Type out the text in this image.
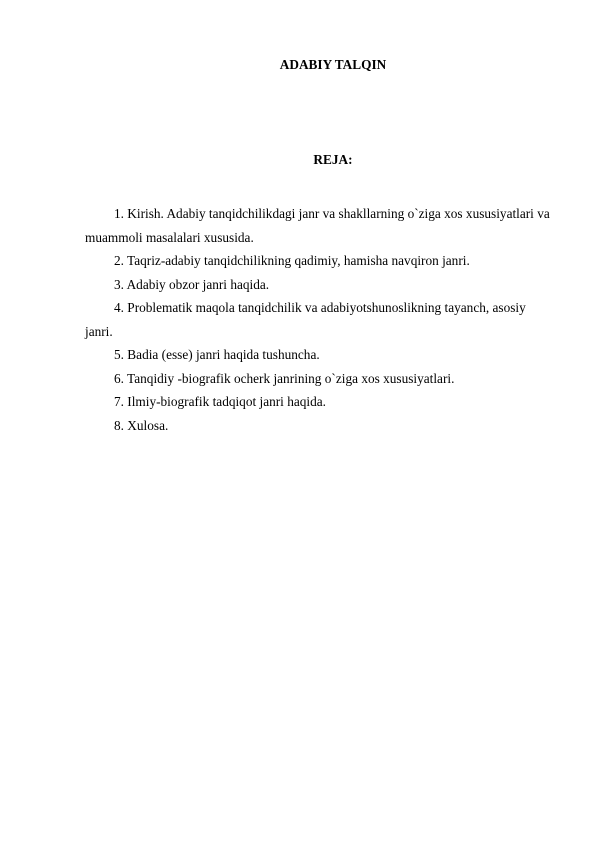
ADABIY TALQIN
REJA:
1. Kirish. Adabiy tanqidchilikdagi janr va shakllarning o`ziga xos xususiyatlari va muammoli masalalari xususida.
2. Taqriz-adabiy tanqidchilikning qadimiy, hamisha navqiron janri.
3. Adabiy obzor janri haqida.
4. Problematik maqola tanqidchilik va adabiyotshunoslikning tayanch, asosiy janri.
5. Badia (esse) janri haqida tushuncha.
6. Tanqidiy -biografik ocherk janrining o`ziga xos xususiyatlari.
7. Ilmiy-biografik tadqiqot janri haqida.
8. Xulosa.
